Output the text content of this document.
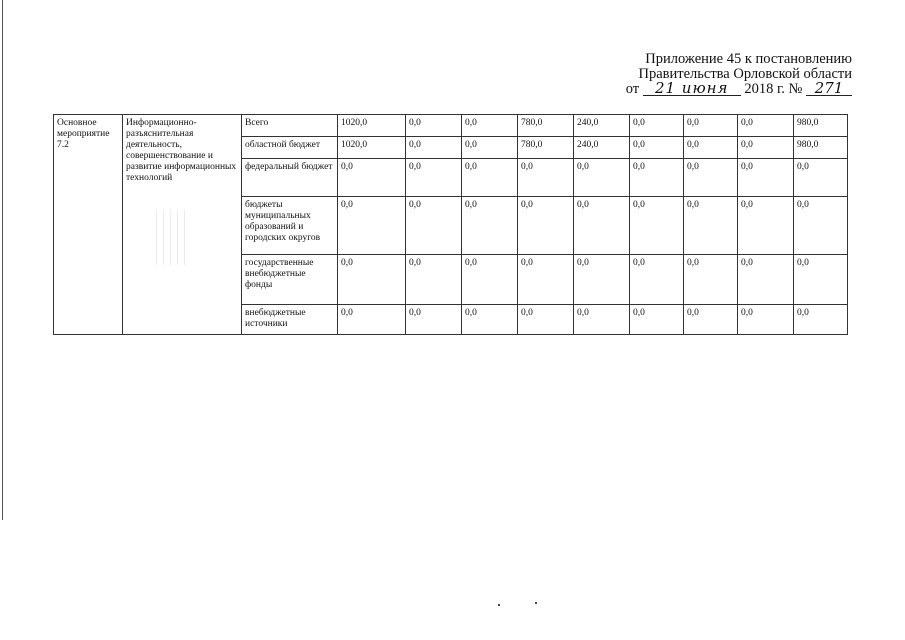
Приложение 45 к постановлению
Правительства Орловской области
от 21 июня 2018 г. № 271
Основное мероприятие 7.2	Информационно-разъяснительная деятельность, совершенствование и развитие информационных технологий	Всего	1020,0	0,0	0,0	780,0	240,0	0,0	0,0	0,0	980,0
		областной бюджет	1020,0	0,0	0,0	780,0	240,0	0,0	0,0	0,0	980,0
		федеральный бюджет	0,0	0,0	0,0	0,0	0,0	0,0	0,0	0,0	0,0
		бюджеты муниципальных образований и городских округов	0,0	0,0	0,0	0,0	0,0	0,0	0,0	0,0	0,0
		государственные внебюджетные фонды	0,0	0,0	0,0	0,0	0,0	0,0	0,0	0,0	0,0
		внебюджетные источники	0,0	0,0	0,0	0,0	0,0	0,0	0,0	0,0	0,0
